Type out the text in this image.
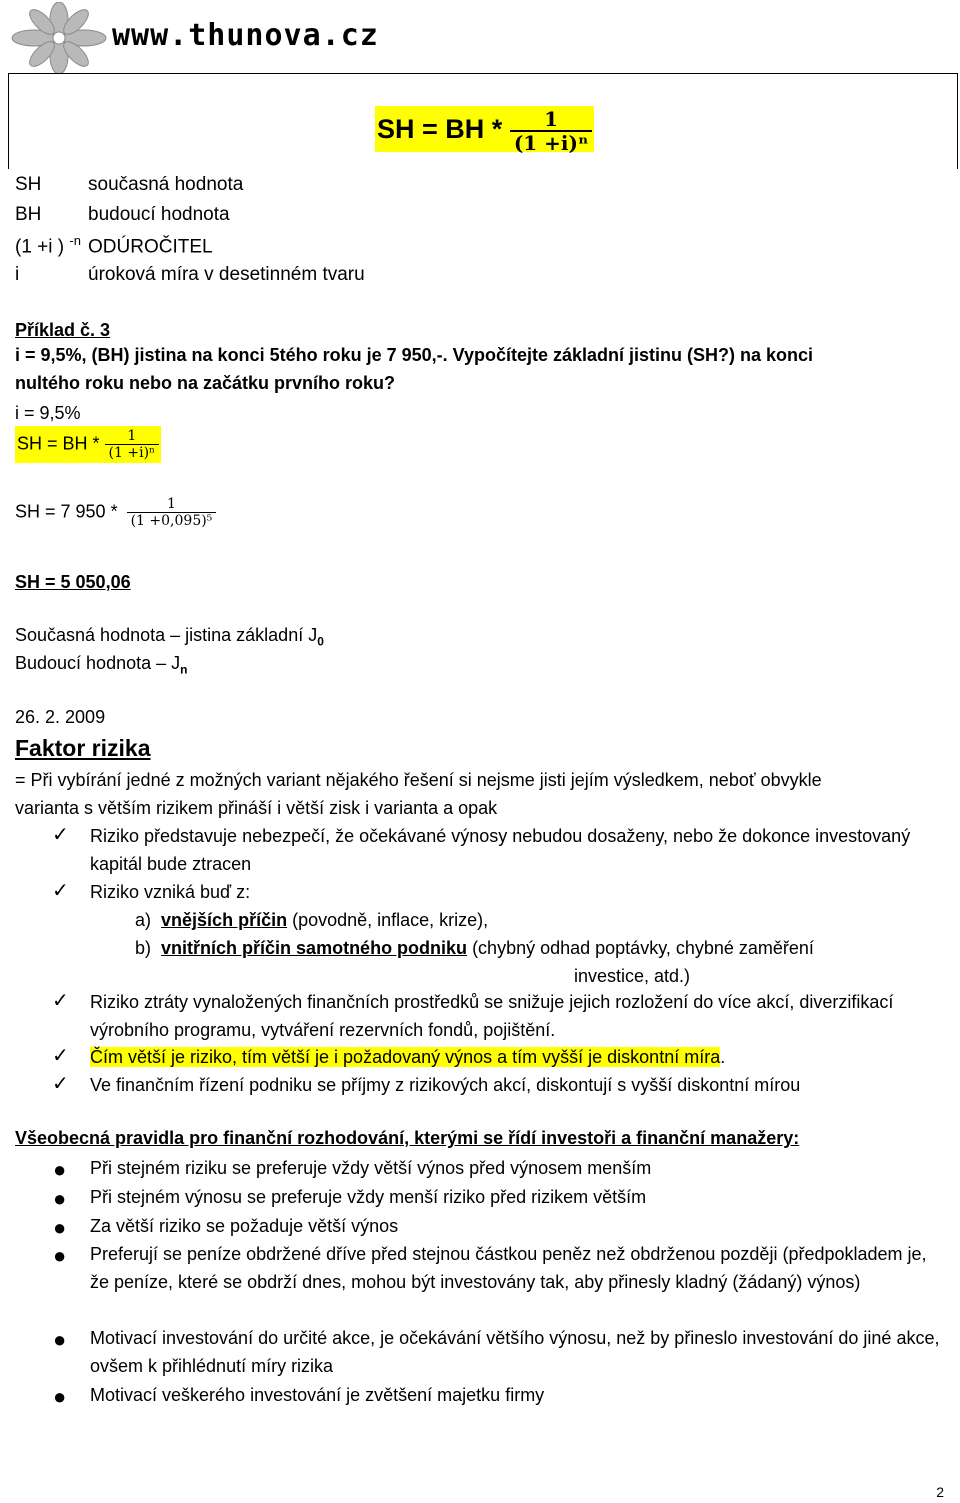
www.thunova.cz
SH = BH * $\frac{1}{\text{(1 +i)ⁿ}}$
SH současná hodnota
BH budoucí hodnota
(1 +i ) $^{-n}$ ODÚROČITEL
i	úroková míra v desetinném tvaru
Příklad č. 3
i = 9,5%, (BH) jistina na konci 5tého roku je 7 950,-. Vypočítejte základní jistinu (SH?) na konci
nultého roku nebo na začátku prvního roku?
i = 9,5%
SH = BH * $\frac{1}{\text{(1 +i)ⁿ}}$
SH = 7 $950 * \frac{1}{\text{(1 +0,095)⁵}}$
SH = 5 050,06
Současná hodnota – jistina základní $J_0$
Budoucí hodnota – $J_n$
26. 2. 2009
Faktor rizika
= Při vybírání jedné z možných variant nějakého řešení si nejsme jisti jejím výsledkem, neboť obvykle
varianta s větším rizikem přináší i větší zisk i varianta a opak
✓ Riziko představuje nebezpečí, že očekávané výnosy nebudou dosaženy, nebo že dokonce investovaný kapitál bude ztracen
✓ Riziko vzniká buď z:
a) vnějších příčin (povodně, inflace, krize),
b) vnitřních příčin samotného podniku (chybný odhad poptávky, chybné zaměření
investice, atd.)
✓ Riziko ztráty vynaložených finančních prostředků se snižuje jejich rozložení do více akcí, diverzifikací výrobního programu, vytváření rezervních fondů, pojištění.
✓ Čím větší je riziko, tím větší je i požadovaný výnos a tím vyšší je diskontní míra.
✓ Ve finančním řízení podniku se příjmy z rizikových akcí, diskontují s vyšší diskontní mírou
Všeobecná pravidla pro finanční rozhodování, kterými se řídí investoři a finanční manažery:
● Při stejném riziku se preferuje vždy větší výnos před výnosem menším
● Při stejném výnosu se preferuje vždy menší riziko před rizikem větším
● Za větší riziko se požaduje větší výnos
● Preferují se peníze obdržené dříve před stejnou částkou peněz než obdrženou později (předpokladem je, že peníze, které se obdrží dnes, mohou být investovány tak, aby přinesly kladný (žádaný) výnos)
● Motivací investování do určité akce, je očekávání většího výnosu, než by přineslo investování do jiné akce, ovšem k přihlédnutí míry rizika
● Motivací veškerého investování je zvětšení majetku firmy
2
